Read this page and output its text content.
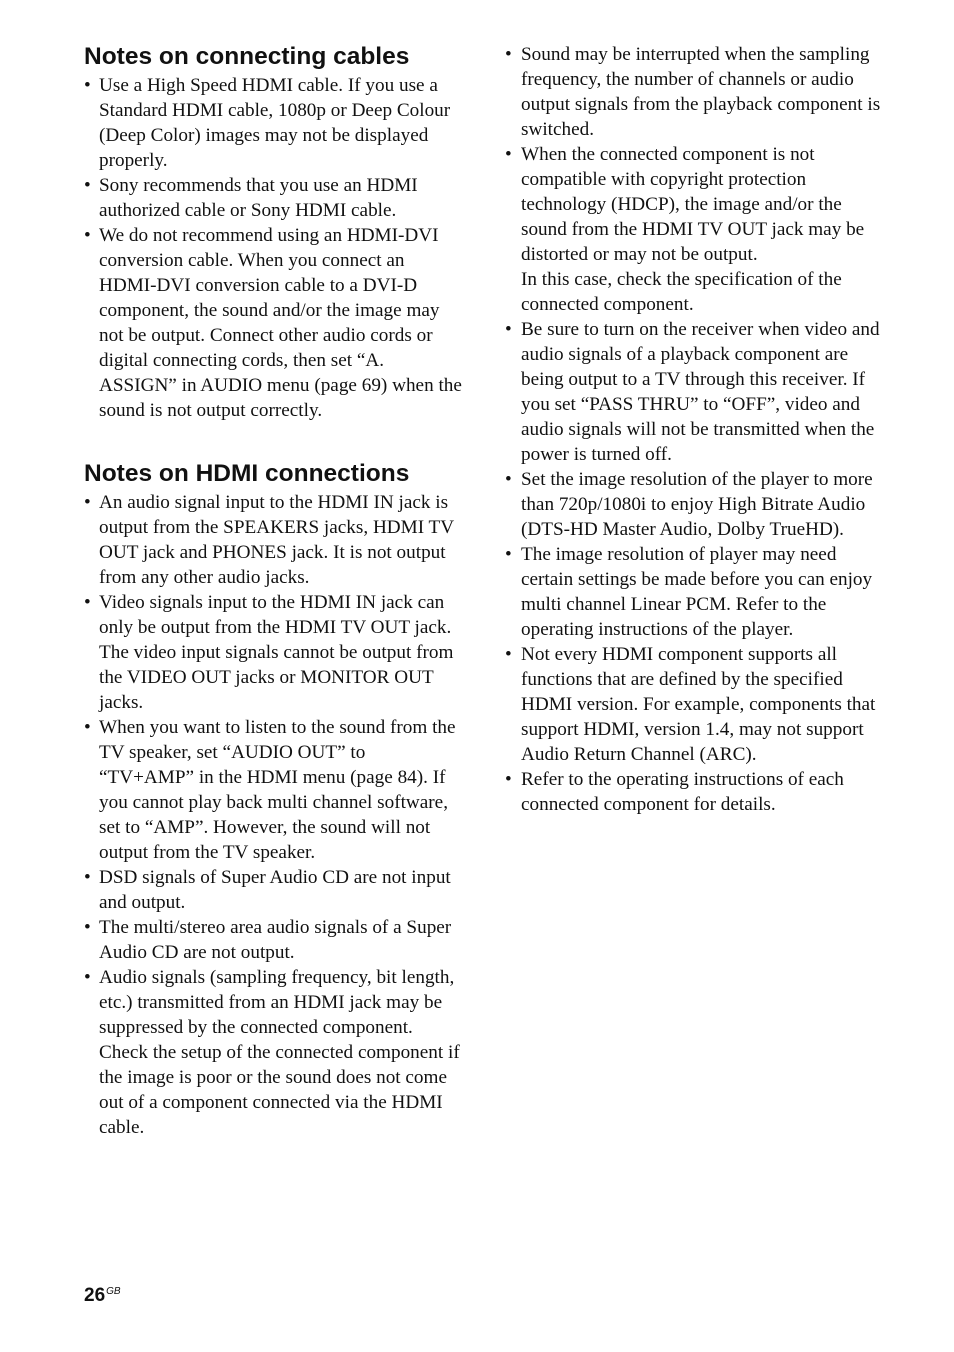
Notes on connecting cables
• Use a High Speed HDMI cable. If you use a Standard HDMI cable, 1080p or Deep Colour (Deep Color) images may not be displayed properly.
• Sony recommends that you use an HDMI authorized cable or Sony HDMI cable.
• We do not recommend using an HDMI-DVI conversion cable. When you connect an HDMI-DVI conversion cable to a DVI-D component, the sound and/or the image may not be output. Connect other audio cords or digital connecting cords, then set “A. ASSIGN” in AUDIO menu (page 69) when the sound is not output correctly.
Notes on HDMI connections
• An audio signal input to the HDMI IN jack is output from the SPEAKERS jacks, HDMI TV OUT jack and PHONES jack. It is not output from any other audio jacks.
• Video signals input to the HDMI IN jack can only be output from the HDMI TV OUT jack. The video input signals cannot be output from the VIDEO OUT jacks or MONITOR OUT jacks.
• When you want to listen to the sound from the TV speaker, set “AUDIO OUT” to “TV+AMP” in the HDMI menu (page 84). If you cannot play back multi channel software, set to “AMP”. However, the sound will not output from the TV speaker.
• DSD signals of Super Audio CD are not input and output.
• The multi/stereo area audio signals of a Super Audio CD are not output.
• Audio signals (sampling frequency, bit length, etc.) transmitted from an HDMI jack may be suppressed by the connected component. Check the setup of the connected component if the image is poor or the sound does not come out of a component connected via the HDMI cable.
• Sound may be interrupted when the sampling frequency, the number of channels or audio output signals from the playback component is switched.
• When the connected component is not compatible with copyright protection technology (HDCP), the image and/or the sound from the HDMI TV OUT jack may be distorted or may not be output.
In this case, check the specification of the connected component.
• Be sure to turn on the receiver when video and audio signals of a playback component are being output to a TV through this receiver. If you set “PASS THRU” to “OFF”, video and audio signals will not be transmitted when the power is turned off.
• Set the image resolution of the player to more than 720p/1080i to enjoy High Bitrate Audio (DTS-HD Master Audio, Dolby TrueHD).
• The image resolution of player may need certain settings be made before you can enjoy multi channel Linear PCM. Refer to the operating instructions of the player.
• Not every HDMI component supports all functions that are defined by the specified HDMI version. For example, components that support HDMI, version 1.4, may not support Audio Return Channel (ARC).
• Refer to the operating instructions of each connected component for details.
$26^{GB}$
